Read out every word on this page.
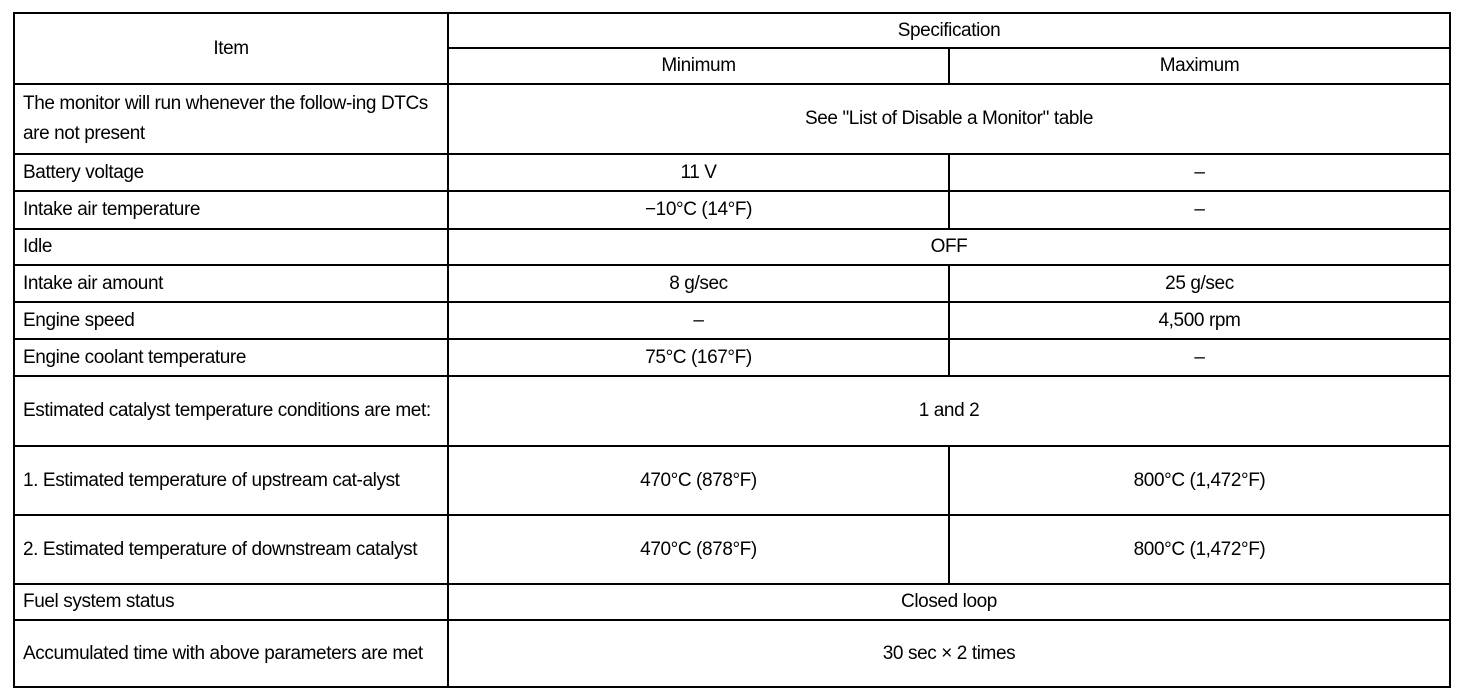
Item	Specification	
	Minimum	Maximum
The monitor will run whenever the follow-ing DTCs are not present	See "List of Disable a Monitor" table	
Battery voltage	11 V	–
Intake air temperature	−10°C (14°F)	–
Idle	OFF	
Intake air amount	8 g/sec	25 g/sec
Engine speed	–	4,500 rpm
Engine coolant temperature	75°C (167°F)	–
Estimated catalyst temperature conditions are met:	1 and 2	
1. Estimated temperature of upstream cat-alyst	470°C (878°F)	800°C (1,472°F)
2. Estimated temperature of downstream catalyst	470°C (878°F)	800°C (1,472°F)
Fuel system status	Closed loop	
Accumulated time with above parameters are met	30 sec × 2 times	
